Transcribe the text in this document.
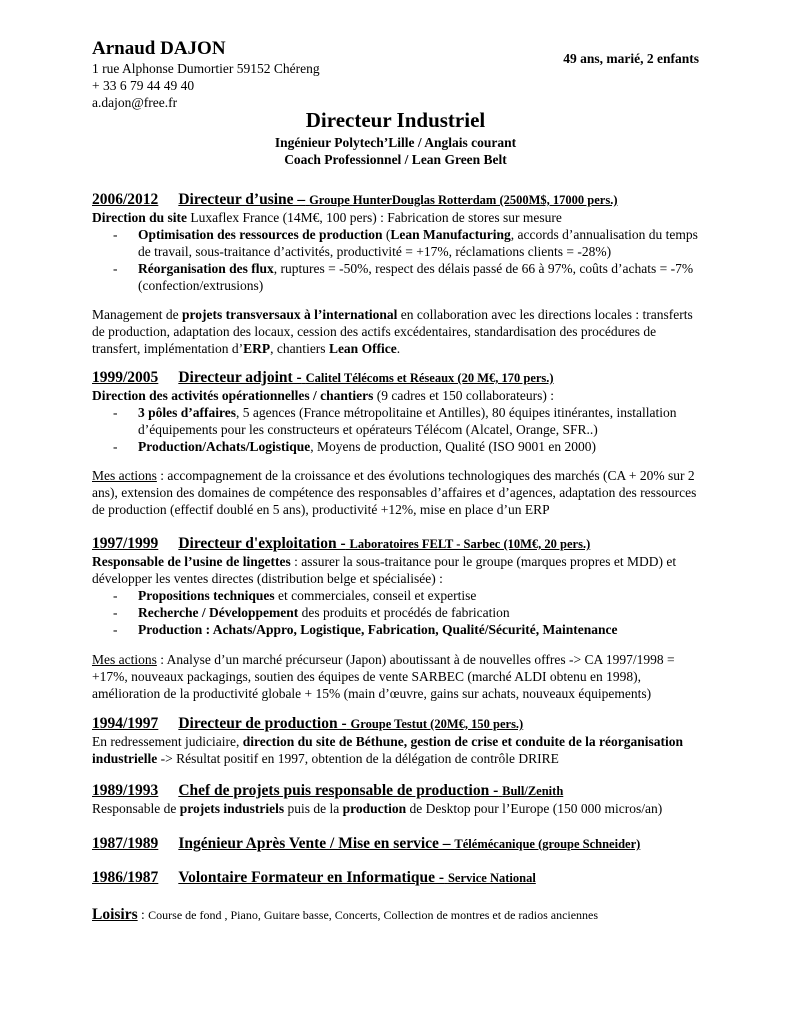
Arnaud DAJON
1 rue Alphonse Dumortier 59152 Chéreng
+ 33 6 79 44 49 40
a.dajon@free.fr
49 ans, marié, 2 enfants
Directeur Industriel
Ingénieur Polytech’Lille / Anglais courant
Coach Professionnel / Lean Green Belt
2006/2012 Directeur d’usine – Groupe HunterDouglas Rotterdam (2500M$, 17000 pers.)
Direction du site Luxaflex France (14M€, 100 pers) : Fabrication de stores sur mesure
- Optimisation des ressources de production (Lean Manufacturing, accords d’annualisation du temps de travail, sous-traitance d’activités, productivité = +17%, réclamations clients = -28%)
- Réorganisation des flux, ruptures = -50%, respect des délais passé de 66 à 97%, coûts d’achats = -7% (confection/extrusions)
Management de projets transversaux à l’international en collaboration avec les directions locales : transferts de production, adaptation des locaux, cession des actifs excédentaires, standardisation des procédures de transfert, implémentation d’ERP, chantiers Lean Office.
1999/2005 Directeur adjoint - Calitel Télécoms et Réseaux (20 M€, 170 pers.)
Direction des activités opérationnelles / chantiers (9 cadres et 150 collaborateurs) :
- 3 pôles d’affaires, 5 agences (France métropolitaine et Antilles), 80 équipes itinérantes, installation d’équipements pour les constructeurs et opérateurs Télécom (Alcatel, Orange, SFR..)
- Production/Achats/Logistique, Moyens de production, Qualité (ISO 9001 en 2000)
Mes actions : accompagnement de la croissance et des évolutions technologiques des marchés (CA + 20% sur 2 ans), extension des domaines de compétence des responsables d’affaires et d’agences, adaptation des ressources de production (effectif doublé en 5 ans), productivité +12%, mise en place d’un ERP
1997/1999 Directeur d'exploitation - Laboratoires FELT - Sarbec (10M€, 20 pers.)
Responsable de l’usine de lingettes : assurer la sous-traitance pour le groupe (marques propres et MDD) et développer les ventes directes (distribution belge et spécialisée) :
- Propositions techniques et commerciales, conseil et expertise
- Recherche / Développement des produits et procédés de fabrication
- Production : Achats/Appro, Logistique, Fabrication, Qualité/Sécurité, Maintenance
Mes actions : Analyse d’un marché précurseur (Japon) aboutissant à de nouvelles offres -> CA 1997/1998 = +17%, nouveaux packagings, soutien des équipes de vente SARBEC (marché ALDI obtenu en 1998), amélioration de la productivité globale + 15% (main d’œuvre, gains sur achats, nouveaux équipements)
1994/1997 Directeur de production - Groupe Testut (20M€, 150 pers.)
En redressement judiciaire, direction du site de Béthune, gestion de crise et conduite de la réorganisation industrielle -> Résultat positif en 1997, obtention de la délégation de contrôle DRIRE
1989/1993 Chef de projets puis responsable de production - Bull/Zenith
Responsable de projets industriels puis de la production de Desktop pour l’Europe (150 000 micros/an)
1987/1989 Ingénieur Après Vente / Mise en service – Télémécanique (groupe Schneider)
1986/1987 Volontaire Formateur en Informatique - Service National
Loisirs : Course de fond , Piano, Guitare basse, Concerts, Collection de montres et de radios anciennes
